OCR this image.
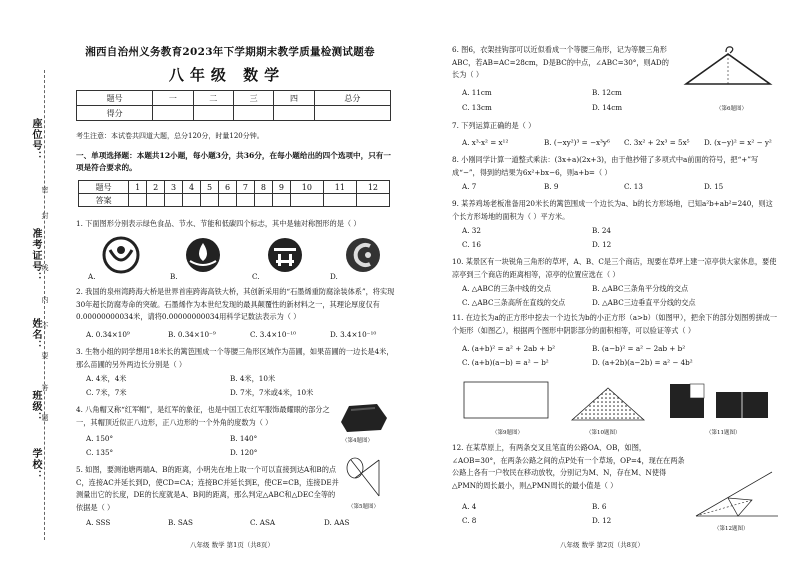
座位号：
准考证号：
姓名：
班级：
学校：
密
封
线
内
不
要
答
题
湘西自治州义务教育2023年下学期期末教学质量检测试题卷
八年级 数学
题号	一	二	三	四	总分
得分					
考生注意：本试卷共四道大题，总分120分，时量120分钟。
一、单项选择题：本题共12小题，每小题3分，共36分，在每小题给出的四个选项中，只有一项是符合要求的。
题号	1	2	3	4	5	6	7	8	9	10	11	12
答案												
1. 下面图形分别表示绿色食品、节水、节能和低碳四个标志，其中是轴对称图形的是（ ）
A.	B.	C.	D.
2. 我国的泉州湾跨海大桥是世界首座跨海高铁大桥，其创新采用的“石墨烯重防腐涂装体系”，将实现30年超长防腐寿命的突破。石墨烯作为本世纪发现的最具颠覆性的新材料之一，其理论厚度仅有0.00000000034米，请将0.00000000034用科学记数法表示为（ ）
A. 0.34×10⁹	B. 0.34×10⁻⁹	C. 3.4×10⁻¹⁰	D. 3.4×10⁻¹⁰
3. 生物小组的同学想用18米长的篱笆围成一个等腰三角形区域作为苗圃，如果苗圃的一边长是4米，那么苗圃的另外两边长分别是（ ）
A. 4米，4米	B. 4米，10米
C. 7米，7米	D. 7米，7米或4米，10米
4. 八角帽又称“红军帽”，是红军的象征，也是中国工农红军服饰最耀眼的部分之一，其帽顶近似正八边形，正八边形的一个外角的度数为（ ）
A. 150°	B. 140°
C. 135°	D. 120°
（第4题图）
5. 如图，要测池塘两端A、B的距离，小明先在地上取一个可以直接到达A和B的点C，连接AC并延长到D，使CD=CA；连接BC并延长到E，使CE=CB，连接DE并测量出它的长度，DE的长度就是A、B间的距离，那么判定△ABC和△DEC全等的依据是（ ）
A. SSS	B. SAS	C. ASA	D. AAS
（第5题图）
八年级 数学 第1页（共8页）
6. 图6，衣架挂钩部可以近似看成一个等腰三角形，记为等腰三角形ABC，若AB=AC=28cm，D是BC的中点，∠ABC=30°，则AD的长为（ ）
A. 11cm	B. 12cm
C. 13cm	D. 14cm	（第6题图）
7. 下列运算正确的是（ ）
A. x³·x² = x¹²	B. (−xy²)³ = −x³y⁶ C. 3x² + 2x³ = 5x⁵ D. (x−y)² = x² − y²
8. 小刚同学计算一道整式乘法：(3x+a)(2x+3)，由于他抄错了多项式中a前面的符号，把“+”写成“−”，得到的结果为6x²+bx−6，则a+b=（ ）
A. 7	B. 9	C. 13	D. 15
9. 某养鸡场老板准备用20米长的篱笆围成一个边长为a、b的长方形场地，已知a²b+ab²=240，则这个长方形场地的面积为（ ）平方米。
A. 32	B. 24
C. 16	D. 12
10. 某景区有一块锐角三角形的草坪，A、B、C是三个商店，现要在草坪上建一凉亭供大家休息，要使凉亭到三个商店的距离相等，凉亭的位置应选在（ ）
A. △ABC的三条中线的交点	B. △ABC三条角平分线的交点
C. △ABC三条高所在直线的交点	D. △ABC三边垂直平分线的交点
11. 在边长为a的正方形中挖去一个边长为b的小正方形（a>b）（如图甲），把余下的部分划图剪拼成一个矩形（如图乙），根据两个图形中阴影部分的面积相等，可以验证等式（ ）
A. (a+b)² = a² + 2ab + b²	B. (a−b)² = a² − 2ab + b²
C. (a+b)(a−b) = a² − b²	D. (a+2b)(a−2b) = a² − 4b²
（第9题图）	（第10题图）	（第11题图）
12. 在某草原上，有两条交叉且笔直的公路OA、OB，如图，∠AOB=30°，在两条公路之间的点P处有一个草场，OP=4，现在在两条公路上各有一户牧民在移动放牧，分别记为M、N，存在M、N使得△PMN的周长最小，则△PMN周长的最小值是（ ）
A. 4	B. 6
C. 8	D. 12
（第12题图）
八年级 数学 第2页（共8页）
